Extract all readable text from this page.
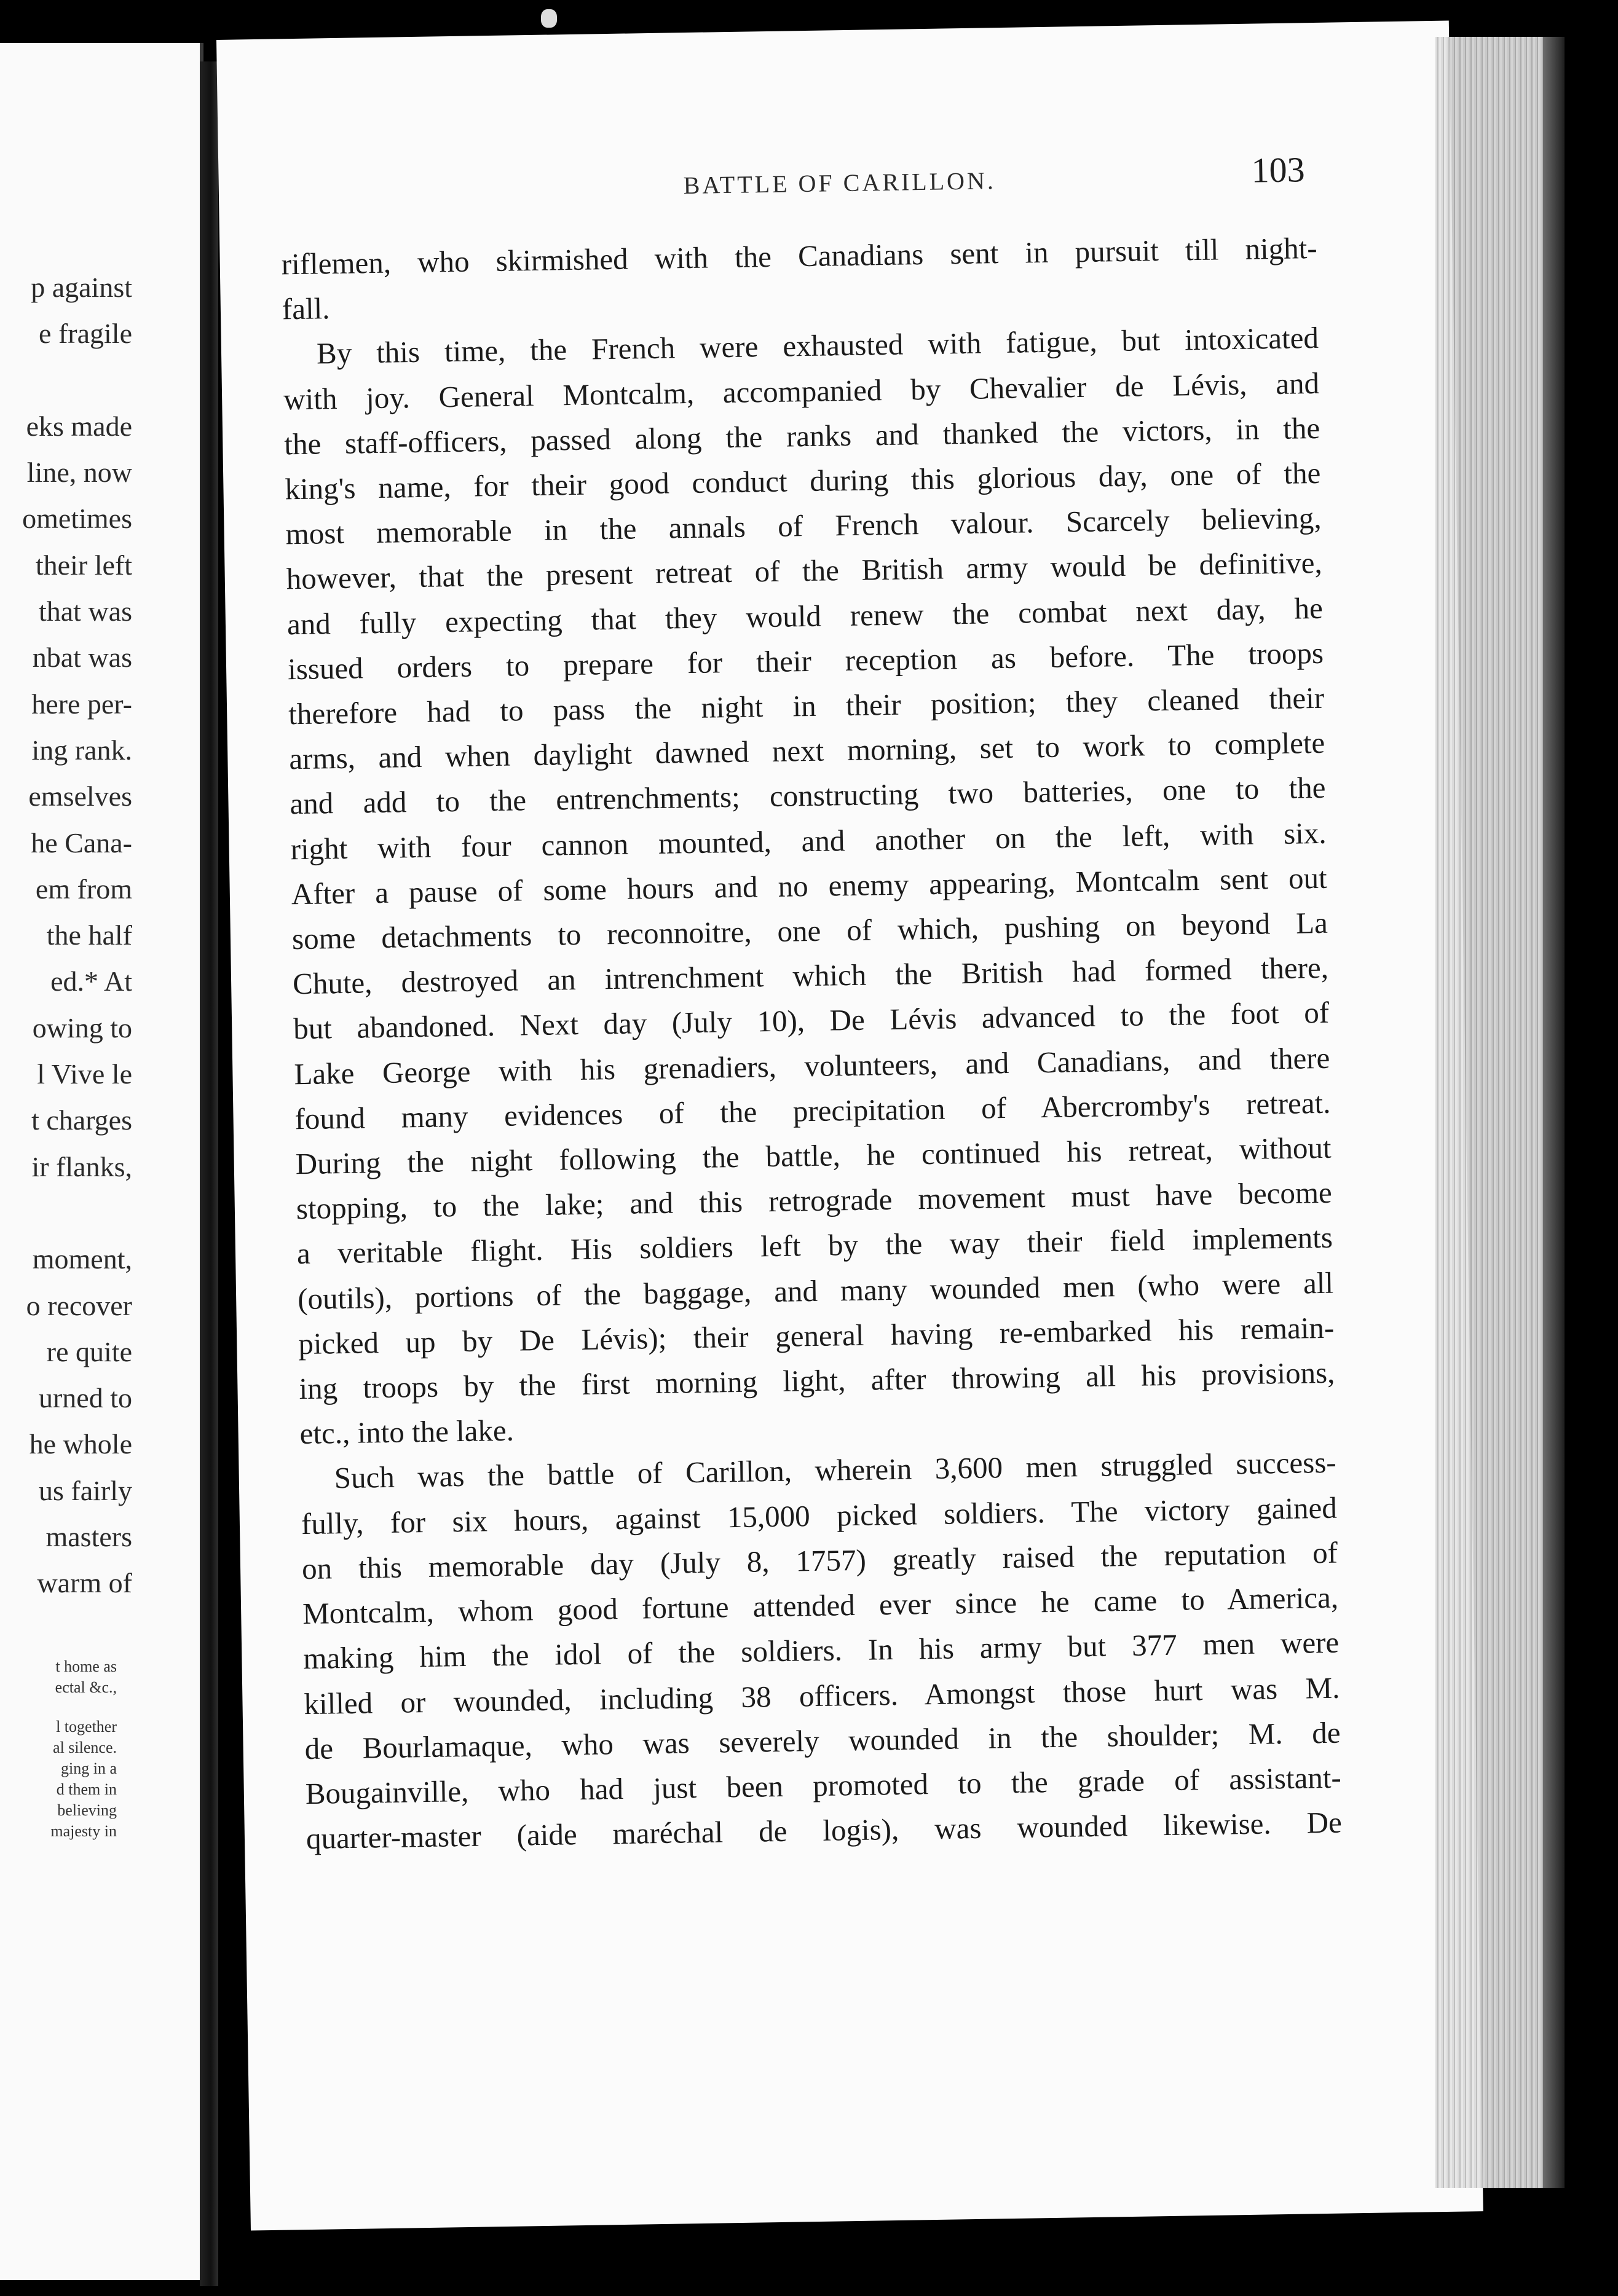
p against
e fragile

eks made
line, now
ometimes
their left
that was
nbat was
here per-
ing rank.
emselves
he Cana-
em from
the half
ed.* At
owing to
l Vive le
t charges
ir flanks,

moment,
o recover
re quite
urned to
he whole
us fairly
masters
warm of
t home as
ectal &c.,
l together
al silence.
ging in a
d them in
believing
majesty in
BATTLE OF CARILLON.	103
riflemen, who skirmished with the Canadians sent in pursuit till night-
fall.
By this time, the French were exhausted with fatigue, but intoxicated
with joy. General Montcalm, accompanied by Chevalier de Lévis, and
the staff-officers, passed along the ranks and thanked the victors, in the
king's name, for their good conduct during this glorious day, one of the
most memorable in the annals of French valour. Scarcely believing,
however, that the present retreat of the British army would be definitive,
and fully expecting that they would renew the combat next day, he
issued orders to prepare for their reception as before. The troops
therefore had to pass the night in their position; they cleaned their
arms, and when daylight dawned next morning, set to work to complete
and add to the entrenchments; constructing two batteries, one to the
right with four cannon mounted, and another on the left, with six.
After a pause of some hours and no enemy appearing, Montcalm sent out
some detachments to reconnoitre, one of which, pushing on beyond La
Chute, destroyed an intrenchment which the British had formed there,
but abandoned. Next day (July 10), De Lévis advanced to the foot of
Lake George with his grenadiers, volunteers, and Canadians, and there
found many evidences of the precipitation of Abercromby's retreat.
During the night following the battle, he continued his retreat, without
stopping, to the lake; and this retrograde movement must have become
a veritable flight. His soldiers left by the way their field implements
(outils), portions of the baggage, and many wounded men (who were all
picked up by De Lévis); their general having re-embarked his remain-
ing troops by the first morning light, after throwing all his provisions,
etc., into the lake.
Such was the battle of Carillon, wherein 3,600 men struggled success-
fully, for six hours, against 15,000 picked soldiers. The victory gained
on this memorable day (July 8, 1757) greatly raised the reputation of
Montcalm, whom good fortune attended ever since he came to America,
making him the idol of the soldiers. In his army but 377 men were
killed or wounded, including 38 officers. Amongst those hurt was M.
de Bourlamaque, who was severely wounded in the shoulder; M. de
Bougainville, who had just been promoted to the grade of assistant-
quarter-master (aide maréchal de logis), was wounded likewise. De
